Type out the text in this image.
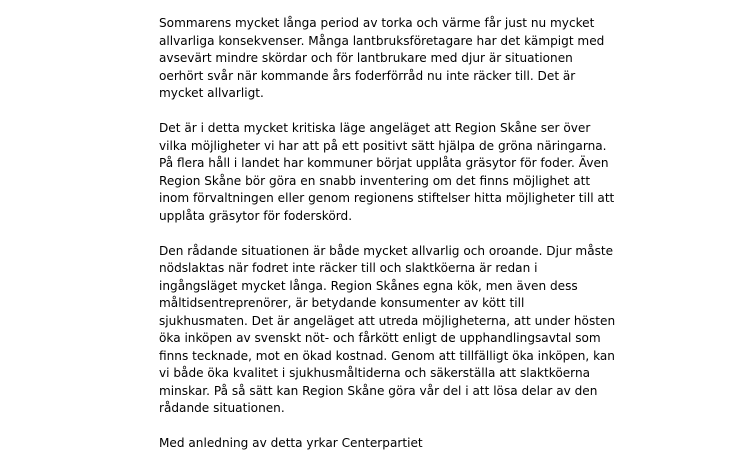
Sommarens mycket långa period av torka och värme får just nu mycket
allvarliga konsekvenser. Många lantbruksföretagare har det kämpigt med
avsevärt mindre skördar och för lantbrukare med djur är situationen
oerhört svår när kommande års foderförråd nu inte räcker till. Det är
mycket allvarligt.

Det är i detta mycket kritiska läge angeläget att Region Skåne ser över
vilka möjligheter vi har att på ett positivt sätt hjälpa de gröna näringarna.
På flera håll i landet har kommuner börjat upplåta gräsytor för foder. Även
Region Skåne bör göra en snabb inventering om det finns möjlighet att
inom förvaltningen eller genom regionens stiftelser hitta möjligheter till att
upplåta gräsytor för foderskörd.

Den rådande situationen är både mycket allvarlig och oroande. Djur måste
nödslaktas när fodret inte räcker till och slaktköerna är redan i
ingångsläget mycket långa. Region Skånes egna kök, men även dess
måltidsentreprenörer, är betydande konsumenter av kött till
sjukhusmaten. Det är angeläget att utreda möjligheterna, att under hösten
öka inköpen av svenskt nöt- och fårkött enligt de upphandlingsavtal som
finns tecknade, mot en ökad kostnad. Genom att tillfälligt öka inköpen, kan
vi både öka kvalitet i sjukhusmåltiderna och säkerställa att slaktköerna
minskar. På så sätt kan Region Skåne göra vår del i att lösa delar av den
rådande situationen.

Med anledning av detta yrkar Centerpartiet
